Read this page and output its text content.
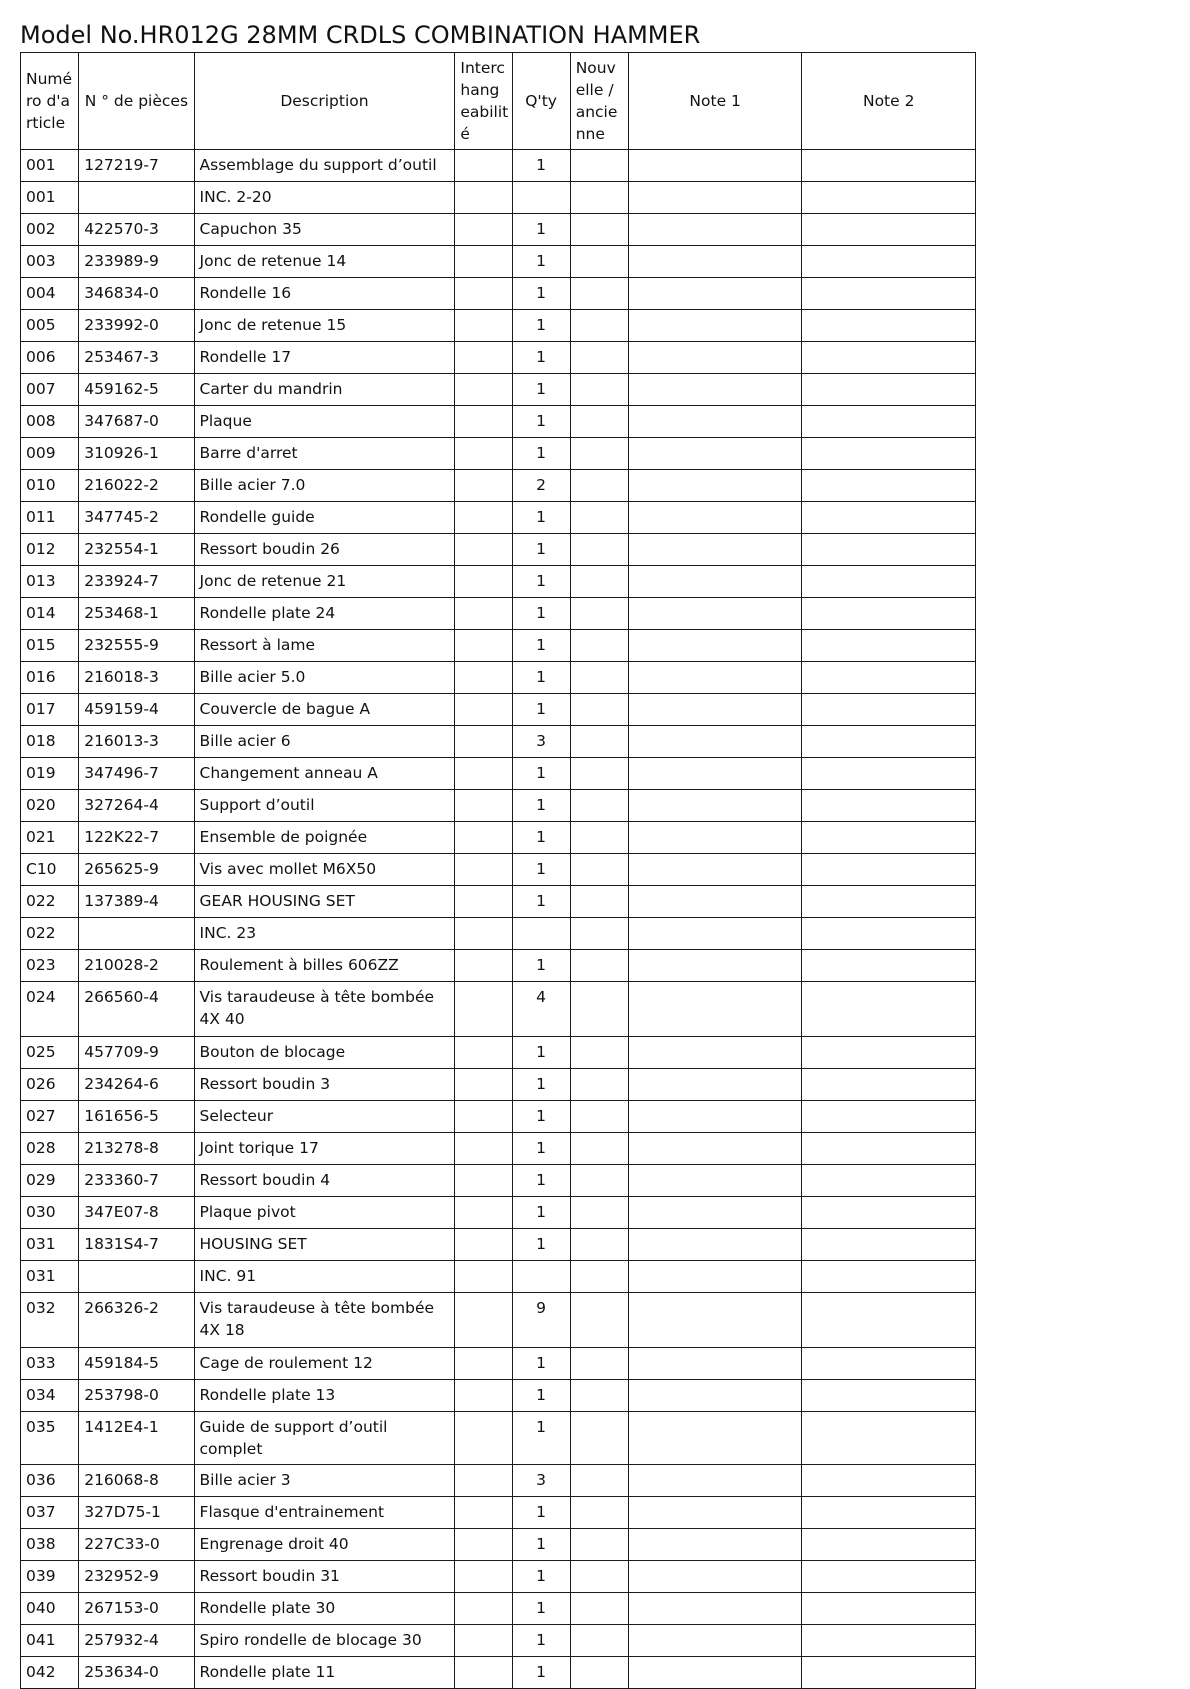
Model No.HR012G 28MM CRDLS COMBINATION HAMMER
Numé ro d'a rticle	N ° de pièces	Description	Interc hang eabilit é	Q'ty	Nouv elle / ancie nne	Note 1	Note 2
001	127219-7	Assemblage du support d’outil		1			
001		INC. 2-20					
002	422570-3	Capuchon 35		1			
003	233989-9	Jonc de retenue 14		1			
004	346834-0	Rondelle 16		1			
005	233992-0	Jonc de retenue 15		1			
006	253467-3	Rondelle 17		1			
007	459162-5	Carter du mandrin		1			
008	347687-0	Plaque		1			
009	310926-1	Barre d'arret		1			
010	216022-2	Bille acier 7.0		2			
011	347745-2	Rondelle guide		1			
012	232554-1	Ressort boudin 26		1			
013	233924-7	Jonc de retenue 21		1			
014	253468-1	Rondelle plate 24		1			
015	232555-9	Ressort à lame		1			
016	216018-3	Bille acier 5.0		1			
017	459159-4	Couvercle de bague A		1			
018	216013-3	Bille acier 6		3			
019	347496-7	Changement anneau A		1			
020	327264-4	Support d’outil		1			
021	122K22-7	Ensemble de poignée		1			
C10	265625-9	Vis avec mollet M6X50		1			
022	137389-4	GEAR HOUSING SET		1			
022		INC. 23					
023	210028-2	Roulement à billes 606ZZ		1			
024	266560-4	Vis taraudeuse à tête bombée 4X 40		4			
025	457709-9	Bouton de blocage		1			
026	234264-6	Ressort boudin 3		1			
027	161656-5	Selecteur		1			
028	213278-8	Joint torique 17		1			
029	233360-7	Ressort boudin 4		1			
030	347E07-8	Plaque pivot		1			
031	1831S4-7	HOUSING SET		1			
031		INC. 91					
032	266326-2	Vis taraudeuse à tête bombée 4X 18		9			
033	459184-5	Cage de roulement 12		1			
034	253798-0	Rondelle plate 13		1			
035	1412E4-1	Guide de support d’outil complet		1			
036	216068-8	Bille acier 3		3			
037	327D75-1	Flasque d'entrainement		1			
038	227C33-0	Engrenage droit 40		1			
039	232952-9	Ressort boudin 31		1			
040	267153-0	Rondelle plate 30		1			
041	257932-4	Spiro rondelle de blocage 30		1			
042	253634-0	Rondelle plate 11		1			
